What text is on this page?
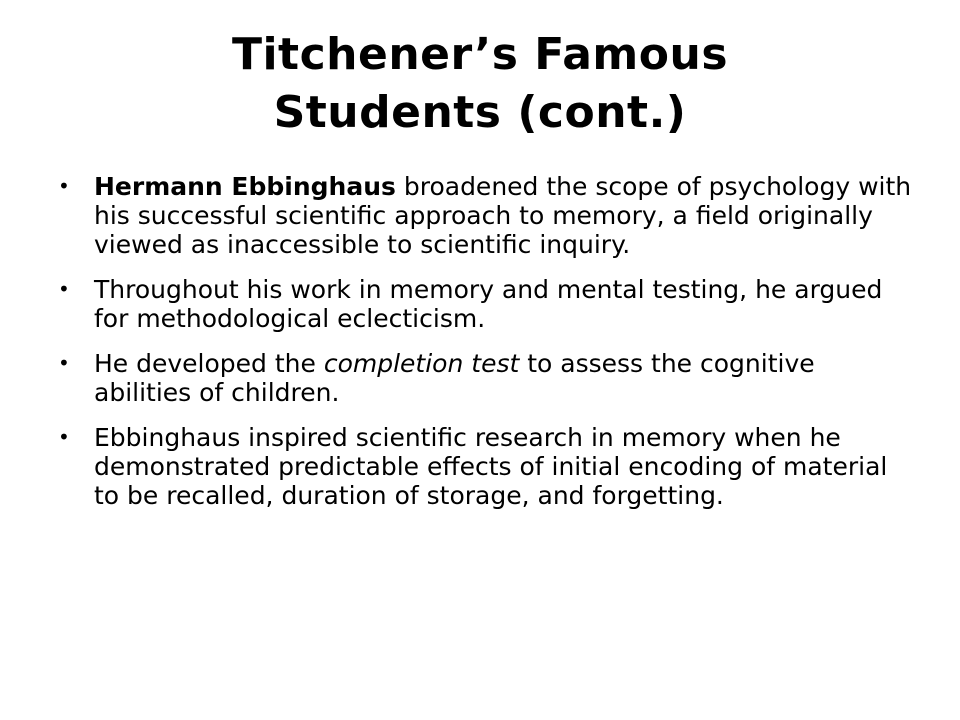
Titchener’s Famous
Students (cont.)
• Hermann Ebbinghaus broadened the scope of psychology with his successful scientific approach to memory, a field originally viewed as inaccessible to scientific inquiry.
• Throughout his work in memory and mental testing, he argued for methodological eclecticism.
• He developed the completion test to assess the cognitive abilities of children.
• Ebbinghaus inspired scientific research in memory when he demonstrated predictable effects of initial encoding of material to be recalled, duration of storage, and forgetting.
